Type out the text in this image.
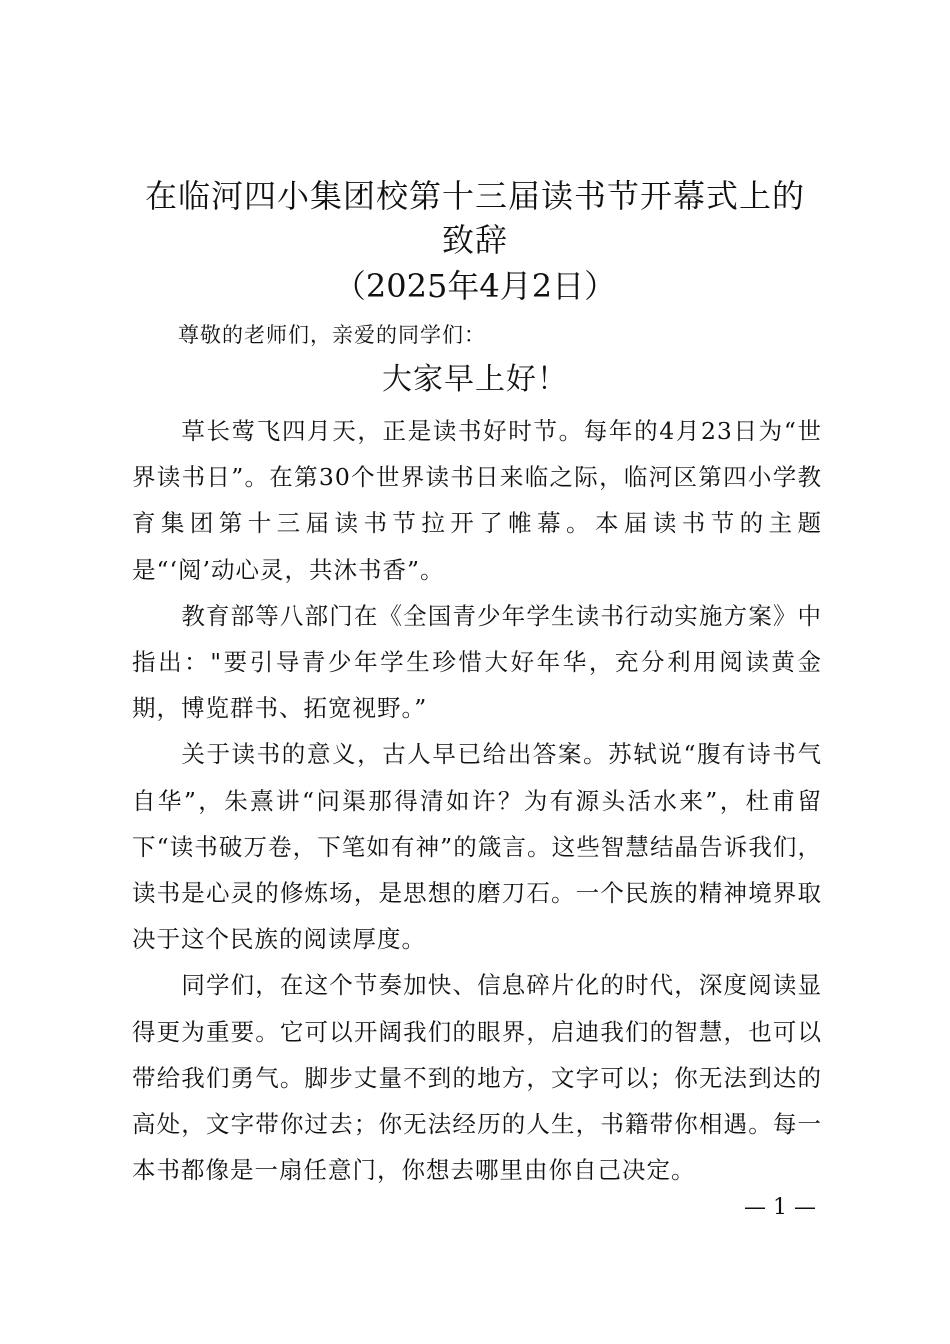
在临河四小集团校第十三届读书节开幕式上的
致辞
（2025年4月2日）
尊敬的老师们，亲爱的同学们：
大家早上好！

草长莺飞四月天，正是读书好时节。每年的4月23日为“世界读书日”。在第30个世界读书日来临之际，临河区第四小学教育集团第十三届读书节拉开了帷幕。本届读书节的主题是“‘阅’动心灵，共沐书香”。

教育部等八部门在《全国青少年学生读书行动实施方案》中指出："要引导青少年学生珍惜大好年华，充分利用阅读黄金期，博览群书、拓宽视野。”

关于读书的意义，古人早已给出答案。苏轼说“腹有诗书气自华”，朱熹讲“问渠那得清如许？为有源头活水来”，杜甫留下“读书破万卷，下笔如有神”的箴言。这些智慧结晶告诉我们，读书是心灵的修炼场，是思想的磨刀石。一个民族的精神境界取决于这个民族的阅读厚度。

同学们，在这个节奏加快、信息碎片化的时代，深度阅读显得更为重要。它可以开阔我们的眼界，启迪我们的智慧，也可以带给我们勇气。脚步丈量不到的地方，文字可以；你无法到达的高处，文字带你过去；你无法经历的人生，书籍带你相遇。每一本书都像是一扇任意门，你想去哪里由你自己决定。

— 1 —
